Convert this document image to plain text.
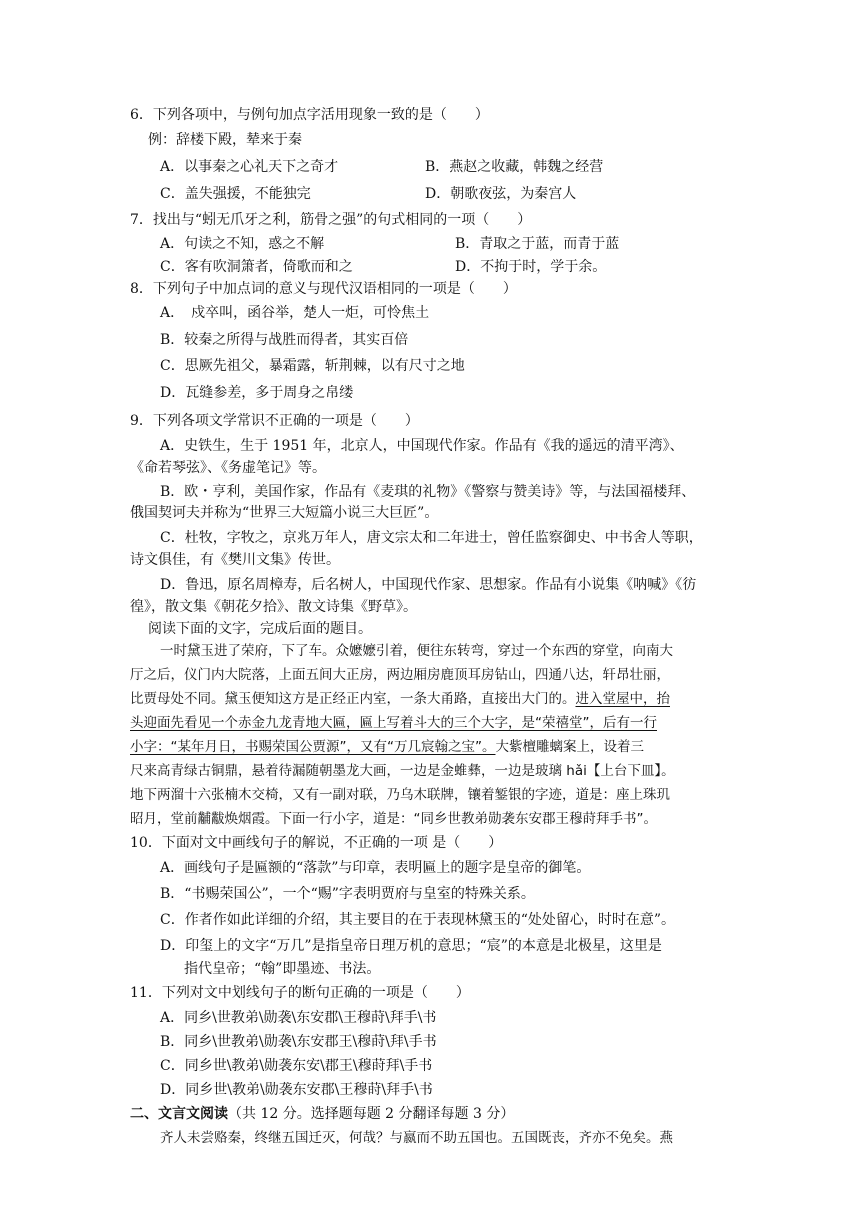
6．下列各项中，与例句加点字活用现象一致的是（　　）
例：辞楼下殿，辇来于秦
A．以事秦之心礼天下之奇才	B．燕赵之收藏，韩魏之经营
C．盖失强援，不能独完	D．朝歌夜弦，为秦宫人
7．找出与“蚓无爪牙之利，筋骨之强”的句式相同的一项（　　）
A．句读之不知，惑之不解	B．青取之于蓝，而青于蓝
C．客有吹洞箫者，倚歌而和之	D．不拘于时，学于余。
8．下列句子中加点词的意义与现代汉语相同的一项是（　　）
A．　戍卒叫，函谷举，楚人一炬，可怜焦土
B．较秦之所得与战胜而得者，其实百倍
C．思厥先祖父，暴霜露，斩荆棘，以有尺寸之地
D．瓦缝参差，多于周身之帛缕
9．下列各项文学常识不正确的一项是（　　）
A．史铁生，生于 1951 年，北京人，中国现代作家。作品有《我的遥远的清平湾》、
《命若琴弦》、《务虚笔记》等。
B．欧・亨利，美国作家，作品有《麦琪的礼物》《警察与赞美诗》等，与法国福楼拜、
俄国契诃夫并称为“世界三大短篇小说三大巨匠”。
C．杜牧，字牧之，京兆万年人，唐文宗太和二年进士，曾任监察御史、中书舍人等职，
诗文俱佳，有《樊川文集》传世。
D．鲁迅，原名周樟寿，后名树人，中国现代作家、思想家。作品有小说集《呐喊》《彷
徨》，散文集《朝花夕拾》、散文诗集《野草》。
阅读下面的文字，完成后面的题目。
一时黛玉进了荣府，下了车。众嬷嬷引着，便往东转弯，穿过一个东西的穿堂，向南大
厅之后，仪门内大院落，上面五间大正房，两边厢房鹿顶耳房钻山，四通八达，轩昂壮丽，
比贾母处不同。黛玉便知这方是正经正内室，一条大甬路，直接出大门的。进入堂屋中，抬
头迎面先看见一个赤金九龙青地大匾，匾上写着斗大的三个大字，是“荣禧堂”，后有一行
小字：“某年月日，书赐荣国公贾源”，又有“万几宸翰之宝”。大紫檀雕螭案上，设着三
尺来高青绿古铜鼎，悬着待漏随朝墨龙大画，一边是金蜼彝，一边是玻璃 hǎi【上台下皿】。
地下两溜十六张楠木交椅，又有一副对联，乃乌木联牌，镶着錾银的字迹，道是：座上珠玑
昭月，堂前黼黻焕烟霞。下面一行小字，道是：“同乡世教弟勋袭东安郡王穆莳拜手书”。
10．下面对文中画线句子的解说，不正确的一项 是（　　）
A．画线句子是匾额的“落款”与印章，表明匾上的题字是皇帝的御笔。
B．“书赐荣国公”，一个“赐”字表明贾府与皇室的特殊关系。
C．作者作如此详细的介绍，其主要目的在于表现林黛玉的“处处留心，时时在意”。
D．印玺上的文字“万几”是指皇帝日理万机的意思；“宸”的本意是北极星，这里是
指代皇帝；“翰”即墨迹、书法。
11．下列对文中划线句子的断句正确的一项是（　　）
A．同乡\世教弟\勋袭\东安郡\王穆莳\拜手\书
B．同乡\世教弟\勋袭\东安郡王\穆莳\拜\手书
C．同乡世\教弟\勋袭东安\郡王\穆莳拜\手书
D．同乡世\教弟\勋袭东安郡\王穆莳\拜手\书
二、文言文阅读（共 12 分。选择题每题 2 分翻译每题 3 分）
齐人未尝赂秦，终继五国迁灭，何哉？与嬴而不助五国也。五国既丧，齐亦不免矣。燕
